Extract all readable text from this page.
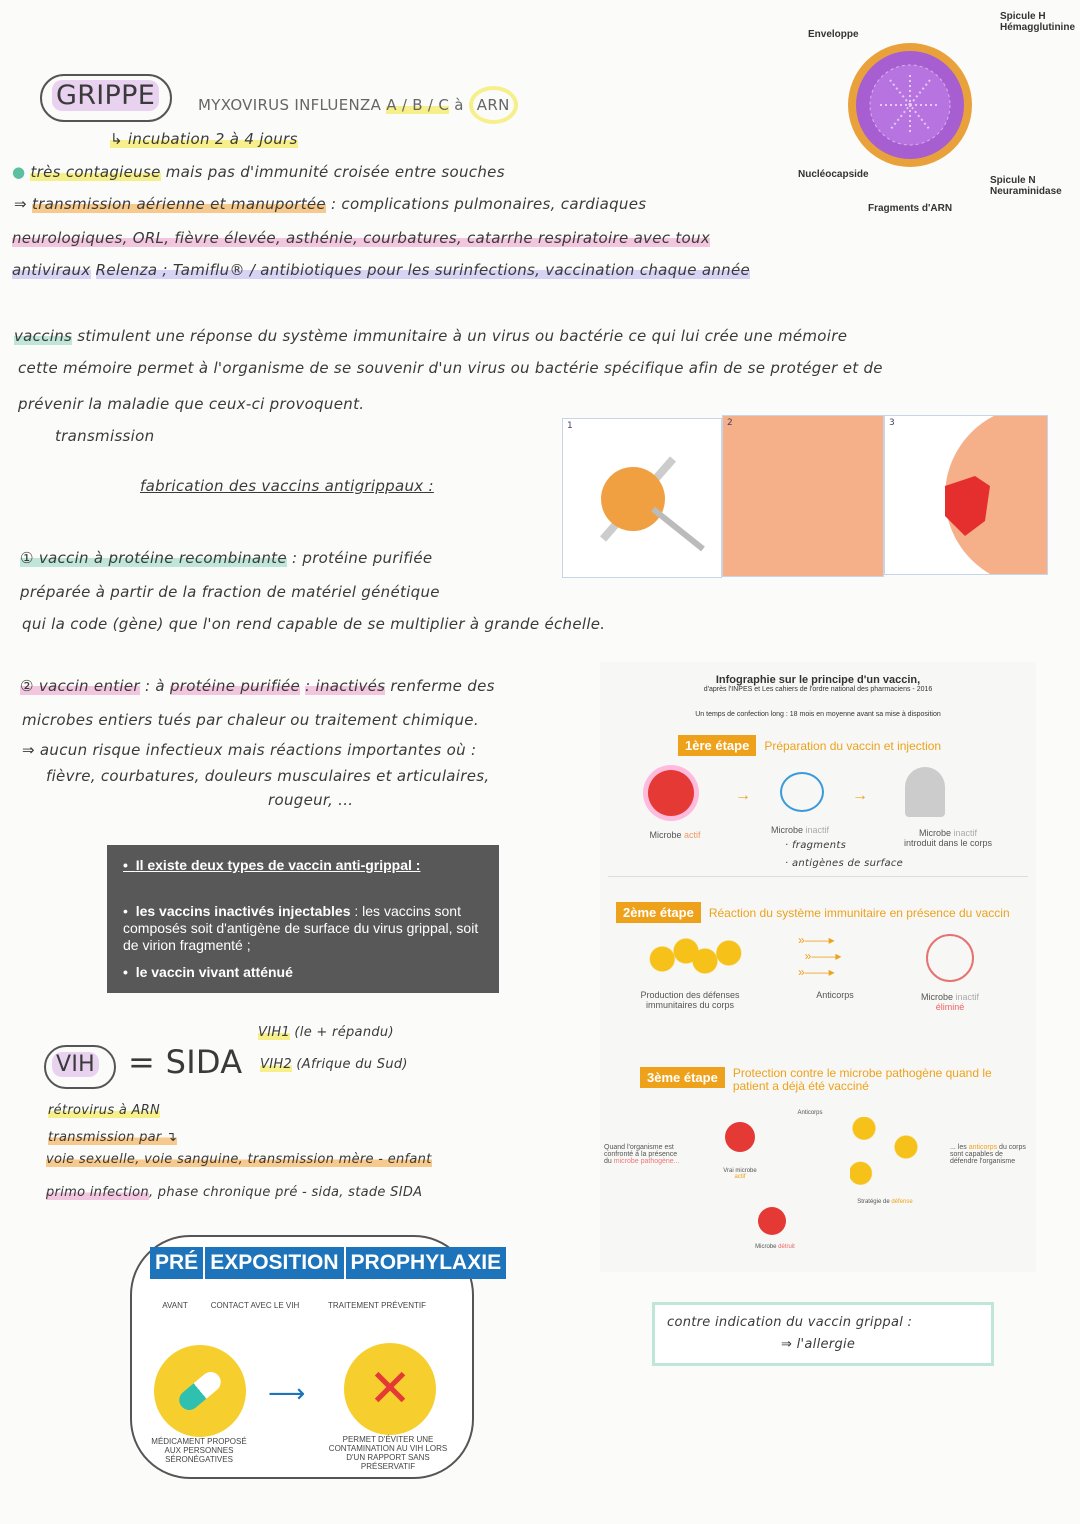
GRIPPE	MYXOVIRUS INFLUENZA A / B / C à ARN
↳ incubation 2 à 4 jours
● très contagieuse mais pas d'immunité croisée entre souches
⇒ transmission aérienne et manuportée : complications pulmonaires, cardiaques
neurologiques, ORL, fièvre élevée, asthénie, courbatures, catarrhe respiratoire avec toux
antiviraux Relenza ; Tamiflu® / antibiotiques pour les surinfections, vaccination chaque année
Enveloppe
Spicule H
Hémagglutinine
Nucléocapside
Spicule N
Neuraminidase
Fragments d'ARN
vaccins stimulent une réponse du système immunitaire à un virus ou bactérie ce qui lui crée une mémoire
cette mémoire permet à l'organisme de se souvenir d'un virus ou bactérie spécifique afin de se protéger et de
prévenir la maladie que ceux-ci provoquent.
transmission
fabrication des vaccins antigrippaux :
1	2	3
① vaccin à protéine recombinante : protéine purifiée
préparée à partir de la fraction de matériel génétique
qui la code (gène) que l'on rend capable de se multiplier à grande échelle.
② vaccin entier : à protéine purifiée : inactivés renferme des
microbes entiers tués par chaleur ou traitement chimique.
⇒ aucun risque infectieux mais réactions importantes où :
fièvre, courbatures, douleurs musculaires et articulaires,
rougeur, ...
•  Il existe deux types de vaccin anti-grippal :
•  les vaccins inactivés injectables : les vaccins sont composés soit d'antigène de surface du virus grippal, soit de virion fragmenté ;
•  le vaccin vivant atténué
Infographie sur le principe d'un vaccin,
d'après l'INPES et Les cahiers de l'ordre national des pharmaciens - 2016
Un temps de confection long : 18 mois en moyenne avant sa mise à disposition
1ère étape Préparation du vaccin et injection
→	→
Microbe actif	Microbe inactif	Microbe inactif
introduit dans le corps
· fragments
· antigènes de surface
2ème étape Réaction du système immunitaire en présence du vaccin
»——▸
»——▸
»——▸
Production des défenses immunitaires du corps
Anticorps	Microbe inactif
éliminé
3ème étape	Protection contre le microbe pathogène quand le patient a déjà été vacciné
Quand l'organisme est confronté à la présence du microbe pathogène...
Vrai microbe
actif
Anticorps
Stratégie de défense
Microbe détruit
... les anticorps du corps sont capables de défendre l'organisme
VIH = SIDA
VIH1 (le + répandu)
VIH2 (Afrique du Sud)
rétrovirus à ARN
transmission par ↴
voie sexuelle, voie sanguine, transmission mère - enfant
primo infection, phase chronique pré - sida, stade SIDA
PRÉ EXPOSITION PROPHYLAXIE
AVANT	CONTACT AVEC LE VIH	TRAITEMENT PRÉVENTIF
⟶	✕
MÉDICAMENT PROPOSÉ AUX PERSONNES SÉRONÉGATIVES
PERMET D'ÉVITER UNE CONTAMINATION AU VIH LORS D'UN RAPPORT SANS PRÉSERVATIF
contre indication du vaccin grippal :
⇒ l'allergie
